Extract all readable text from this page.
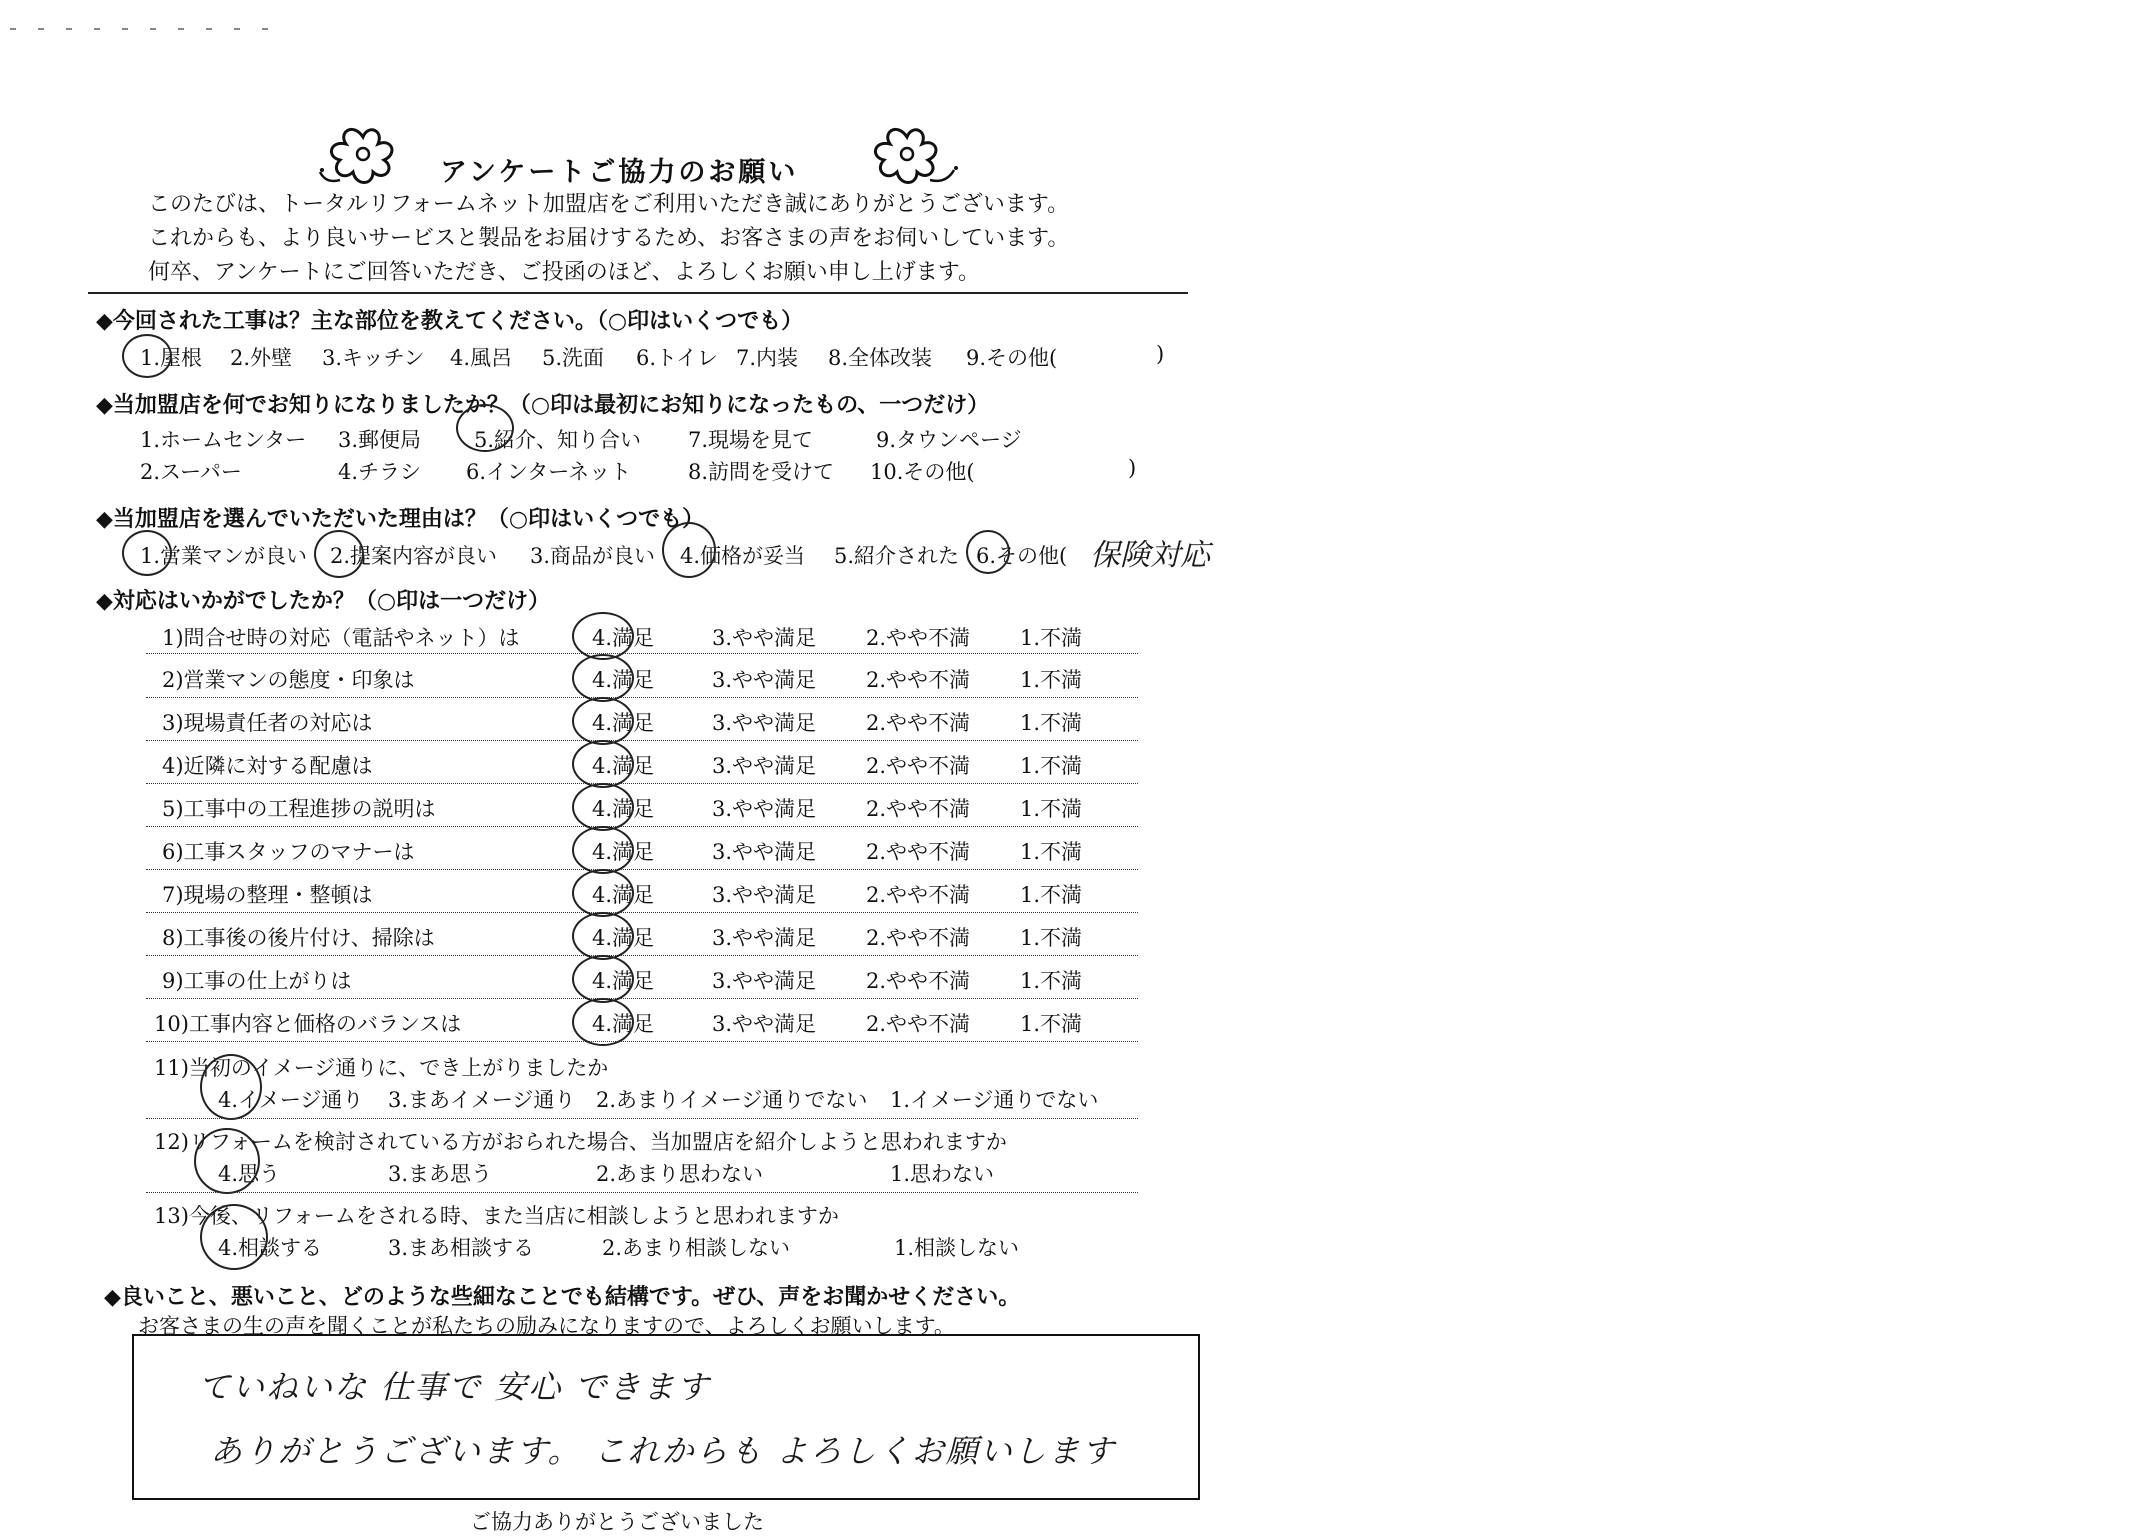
アンケートご協力のお願い
このたびは、トータルリフォームネット加盟店をご利用いただき誠にありがとうございます。
これからも、より良いサービスと製品をお届けするため、お客さまの声をお伺いしています。
何卒、アンケートにご回答いただき、ご投函のほど、よろしくお願い申し上げます。
◆今回された工事は？主な部位を教えてください。（○印はいくつでも）
1.屋根 2.外壁 3.キッチン 4.風呂 5.洗面 6.トイレ 7.内装 8.全体改装 9.その他(	)
◆当加盟店を何でお知りになりましたか？（○印は最初にお知りになったもの、一つだけ）
1.ホームセンター 3.郵便局	5.紹介、知り合い 7.現場を見て	9.タウンページ
2.スーパー	4.チラシ 6.インターネット	8.訪問を受けて 10.その他(	)
◆当加盟店を選んでいただいた理由は？（○印はいくつでも）
1.営業マンが良い 2.提案内容が良い 3.商品が良い 4.価格が妥当 5.紹介された 6.その他( 保険対応
◆対応はいかがでしたか？（○印は一つだけ）
1)問合せ時の対応（電話やネット）は	4.満足	3.やや満足 2.やや不満 1.不満
2)営業マンの態度・印象は	4.満足	3.やや満足 2.やや不満 1.不満
3)現場責任者の対応は	4.満足	3.やや満足 2.やや不満 1.不満
4)近隣に対する配慮は	4.満足	3.やや満足 2.やや不満 1.不満
5)工事中の工程進捗の説明は	4.満足	3.やや満足 2.やや不満 1.不満
6)工事スタッフのマナーは	4.満足	3.やや満足 2.やや不満 1.不満
7)現場の整理・整頓は	4.満足	3.やや満足 2.やや不満 1.不満
8)工事後の後片付け、掃除は	4.満足	3.やや満足 2.やや不満 1.不満
9)工事の仕上がりは	4.満足	3.やや満足 2.やや不満 1.不満
10)工事内容と価格のバランスは	4.満足	3.やや満足 2.やや不満 1.不満
11)当初のイメージ通りに、でき上がりましたか
4.イメージ通り 3.まあイメージ通り 2.あまりイメージ通りでない 1.イメージ通りでない
12)リフォームを検討されている方がおられた場合、当加盟店を紹介しようと思われますか
4.思う	3.まあ思う	2.あまり思わない	1.思わない
13)今後、リフォームをされる時、また当店に相談しようと思われますか
4.相談する	3.まあ相談する	2.あまり相談しない	1.相談しない
◆良いこと、悪いこと、どのような些細なことでも結構です。ぜひ、声をお聞かせください。
お客さまの生の声を聞くことが私たちの励みになりますので、よろしくお願いします。
ていねいな 仕事で 安心 できます
ありがとうございます。 これからも よろしくお願いします
ご協力ありがとうございました
